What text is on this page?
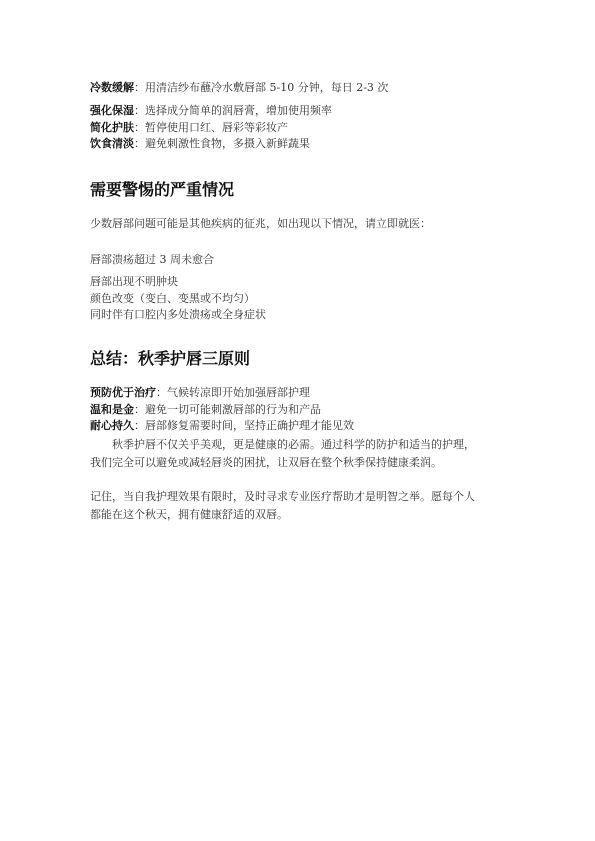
冷数缓解：用清洁纱布蘸冷水敷唇部 5-10 分钟，每日 2-3 次
强化保湿：选择成分简单的润唇膏，增加使用频率
简化护肤：暂停使用口红、唇彩等彩妆产
饮食清淡：避免刺激性食物，多摄入新鲜蔬果
需要警惕的严重情况
少数唇部问题可能是其他疾病的征兆，如出现以下情况，请立即就医：
唇部溃疡超过 3 周未愈合
唇部出现不明肿块
颜色改变（变白、变黑或不均匀）
同时伴有口腔内多处溃疡或全身症状
总结：秋季护唇三原则
预防优于治疗：气候转凉即开始加强唇部护理
温和是金：避免一切可能刺激唇部的行为和产品
耐心持久：唇部修复需要时间，坚持正确护理才能见效
秋季护唇不仅关乎美观，更是健康的必需。通过科学的防护和适当的护理，
我们完全可以避免或减轻唇炎的困扰，让双唇在整个秋季保持健康柔润。
记住，当自我护理效果有限时，及时寻求专业医疗帮助才是明智之举。愿每个人
都能在这个秋天，拥有健康舒适的双唇。
